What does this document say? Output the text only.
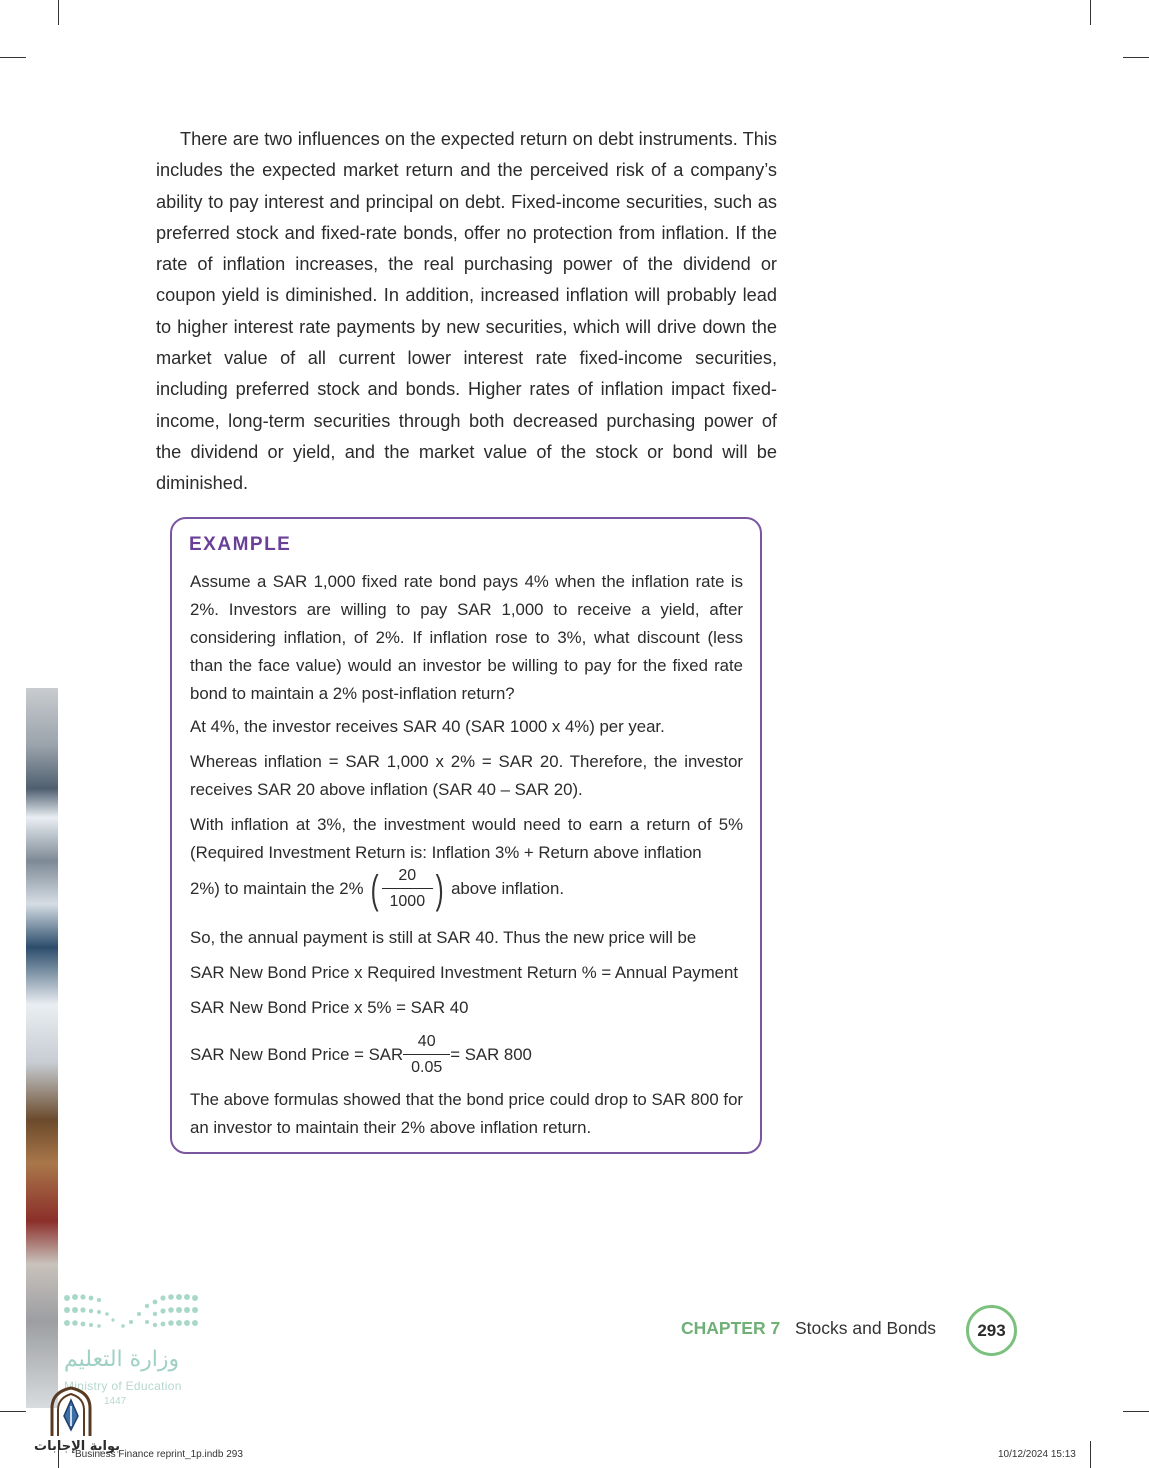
There are two influences on the expected return on debt instruments. This includes the expected market return and the perceived risk of a company’s ability to pay interest and principal on debt. Fixed-income securities, such as preferred stock and fixed-rate bonds, offer no protection from inflation. If the rate of inflation increases, the real purchasing power of the dividend or coupon yield is diminished. In addition, increased inflation will probably lead to higher interest rate payments by new securities, which will drive down the market value of all current lower interest rate fixed-income securities, including preferred stock and bonds. Higher rates of inflation impact fixed-income, long-term securities through both decreased purchasing power of the dividend or yield, and the market value of the stock or bond will be diminished.

EXAMPLE

Assume a SAR 1,000 fixed rate bond pays 4% when the inflation rate is 2%. Investors are willing to pay SAR 1,000 to receive a yield, after considering inflation, of 2%. If inflation rose to 3%, what discount (less than the face value) would an investor be willing to pay for the fixed rate bond to maintain a 2% post-inflation return?

At 4%, the investor receives SAR 40 (SAR 1000 x 4%) per year.

Whereas inflation = SAR 1,000 x 2% = SAR 20. Therefore, the investor receives SAR 20 above inflation (SAR 40 – SAR 20).

With inflation at 3%, the investment would need to earn a return of 5% (Required Investment Return is: Inflation 3% + Return above inflation

2%) to maintain the 2% ( $\frac{20}{1000}$ ) above inflation.

So, the annual payment is still at SAR 40. Thus the new price will be

SAR New Bond Price x Required Investment Return % = Annual Payment

SAR New Bond Price x 5% = SAR 40

SAR New Bond Price = SAR $\frac{40}{0.05}$ = SAR 800

The above formulas showed that the bond price could drop to SAR 800 for an investor to maintain their 2% above inflation return.

CHAPTER 7 Stocks and Bonds	293
وزارة التعليم
Ministry of Education
1447
بوابة الإجابات
Business Finance reprint_1p.indb 293	10/12/2024 15:13
